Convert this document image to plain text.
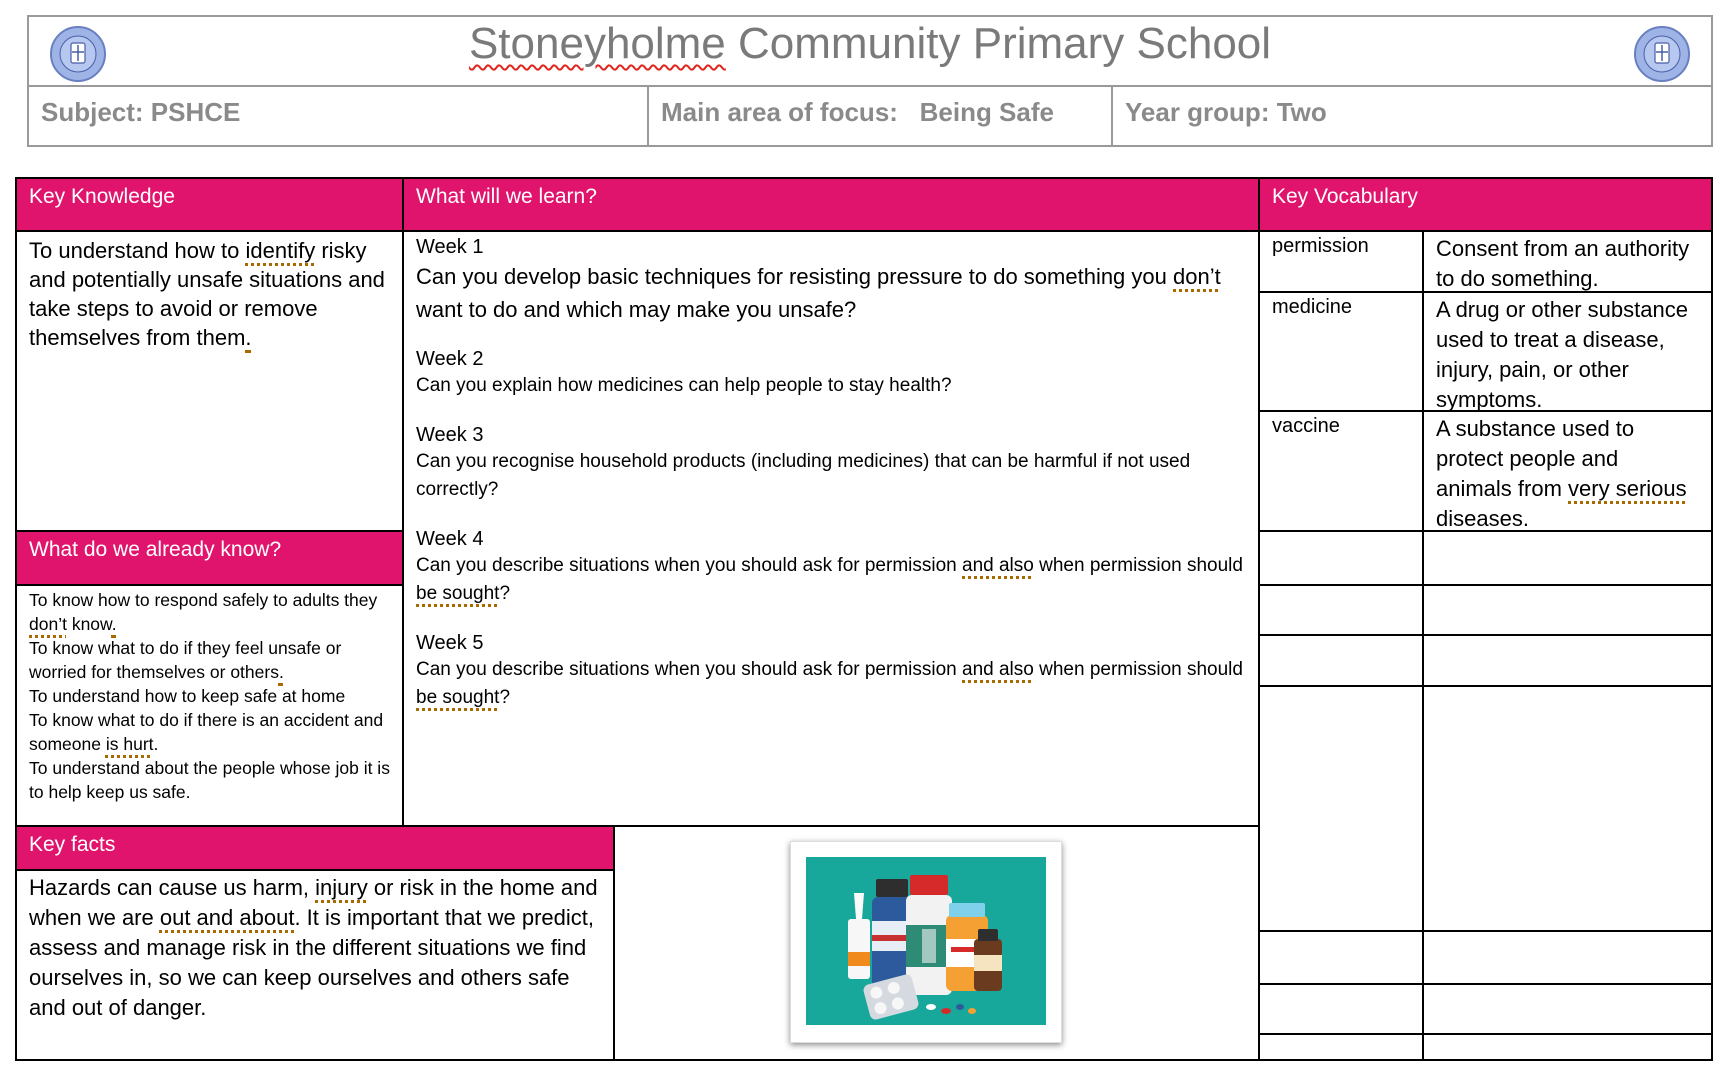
Stoneyholme Community Primary School
Subject: PSHCE	Main area of focus:   Being Safe	Year group: Two
Key Knowledge
To understand how to identify risky and potentially unsafe situations and take steps to avoid or remove themselves from them.
What do we already know?
To know how to respond safely to adults they don’t know.
To know what to do if they feel unsafe or worried for themselves or others.
To understand how to keep safe at home
To know what to do if there is an accident and someone is hurt.
To understand about the people whose job it is to help keep us safe.
What will we learn?
Week 1
Can you develop basic techniques for resisting pressure to do something you don’t want to do and which may make you unsafe?
Week 2
Can you explain how medicines can help people to stay health?
Week 3
Can you recognise household products (including medicines) that can be harmful if not used correctly?
Week 4
Can you describe situations when you should ask for permission and also when permission should be sought?
Week 5
Can you describe situations when you should ask for permission and also when permission should be sought?
Key facts
Hazards can cause us harm, injury or risk in the home and when we are out and about. It is important that we predict, assess and manage risk in the different situations we find ourselves in, so we can keep ourselves and others safe and out of danger.
Key Vocabulary
permission	Consent from an authority to do something.
medicine	A drug or other substance used to treat a disease, injury, pain, or other symptoms.
vaccine	A substance used to protect people and animals from very serious diseases.
